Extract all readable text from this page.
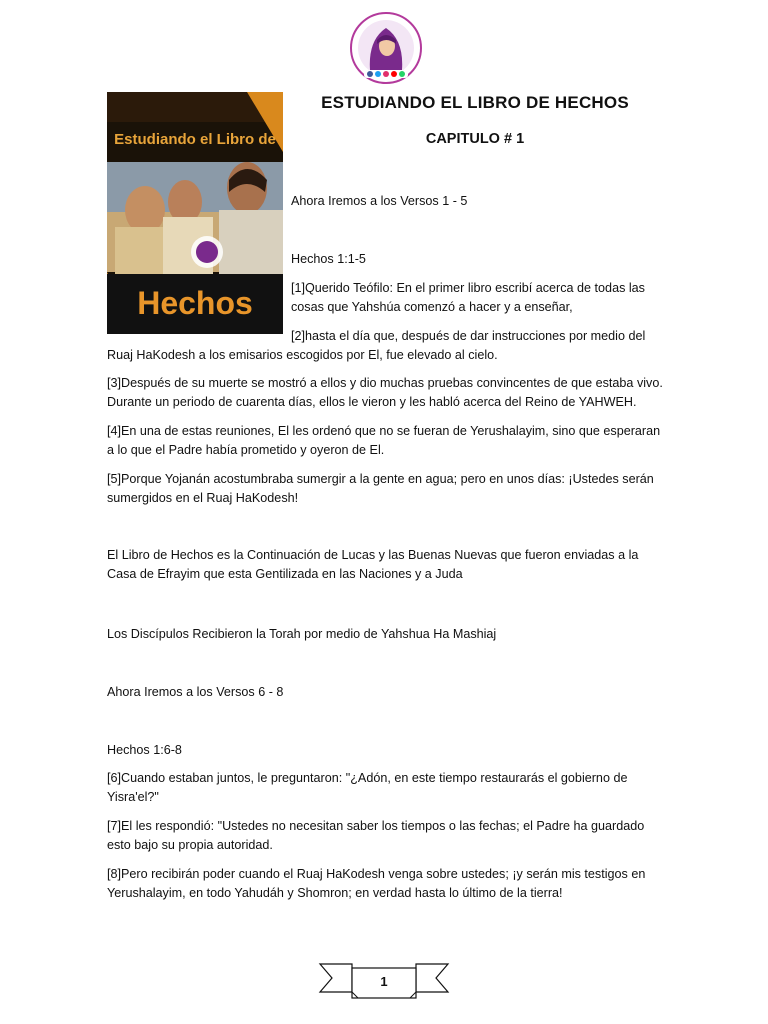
Estudiando el Libro de
Hechos
ESTUDIANDO EL LIBRO DE HECHOS
CAPITULO # 1
Ahora Iremos a los Versos 1 - 5
Hechos 1:1-5
[1]Querido Teófilo: En el primer libro escribí acerca de todas las
cosas que Yahshúa comenzó a hacer y a enseñar,
[2]hasta el día que, después de dar instrucciones por medio del
Ruaj HaKodesh a los emisarios escogidos por El, fue elevado al cielo.
[3]Después de su muerte se mostró a ellos y dio muchas pruebas convincentes de que estaba vivo. Durante un periodo de cuarenta días, ellos le vieron y les habló acerca del Reino de YAHWEH.
[4]En una de estas reuniones, El les ordenó que no se fueran de Yerushalayim, sino que esperaran a lo que el Padre había prometido y oyeron de El.
[5]Porque Yojanán acostumbraba sumergir a la gente en agua; pero en unos días: ¡Ustedes serán sumergidos en el Ruaj HaKodesh!
El Libro de Hechos es la Continuación de Lucas y las Buenas Nuevas que fueron enviadas a la Casa de Efrayim que esta Gentilizada en las Naciones y a Juda
Los Discípulos Recibieron la Torah por medio de Yahshua Ha Mashiaj
Ahora Iremos a los Versos 6 - 8
Hechos 1:6-8
[6]Cuando estaban juntos, le preguntaron: "¿Adón, en este tiempo restaurarás el gobierno de Yisra'el?"
[7]El les respondió: "Ustedes no necesitan saber los tiempos o las fechas; el Padre ha guardado esto bajo su propia autoridad.
[8]Pero recibirán poder cuando el Ruaj HaKodesh venga sobre ustedes; ¡y serán mis testigos en Yerushalayim, en todo Yahudáh y Shomron; en verdad hasta lo último de la tierra!
1
